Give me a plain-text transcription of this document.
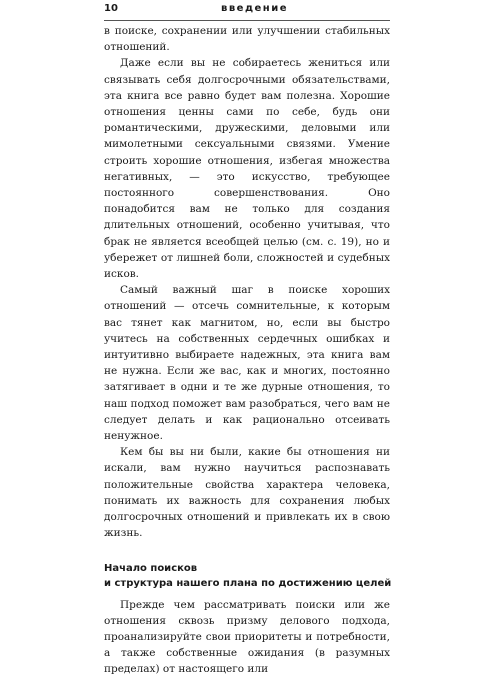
10	введение

в поиске, сохранении или улучшении стабильных отношений.

Даже если вы не собираетесь жениться или связывать себя долгосрочными обязательствами, эта книга все равно будет вам полезна. Хорошие отношения ценны сами по себе, будь они романтическими, дружескими, деловыми или мимолетными сексуальными связями. Умение строить хорошие отношения, избегая множества негативных, — это искусство, требующее постоянного совершенствования. Оно понадобится вам не только для создания длительных отношений, особенно учитывая, что брак не является всеобщей целью (см. с. 19), но и убережет от лишней боли, сложностей и судебных исков.

Самый важный шаг в поиске хороших отношений — отсечь сомнительные, к которым вас тянет как магнитом, но, если вы быстро учитесь на собственных сердечных ошибках и интуитивно выбираете надежных, эта книга вам не нужна. Если же вас, как и многих, постоянно затягивает в одни и те же дурные отношения, то наш подход поможет вам разобраться, чего вам не следует делать и как рационально отсеивать ненужное.

Кем бы вы ни были, какие бы отношения ни искали, вам нужно научиться распознавать положительные свойства характера человека, понимать их важность для сохранения любых долгосрочных отношений и привлекать их в свою жизнь.

Начало поисков
и структура нашего плана по достижению целей

Прежде чем рассматривать поиски или же отношения сквозь призму делового подхода, проанализируйте свои приоритеты и потребности, а также собственные ожидания (в разумных пределах) от настоящего или
